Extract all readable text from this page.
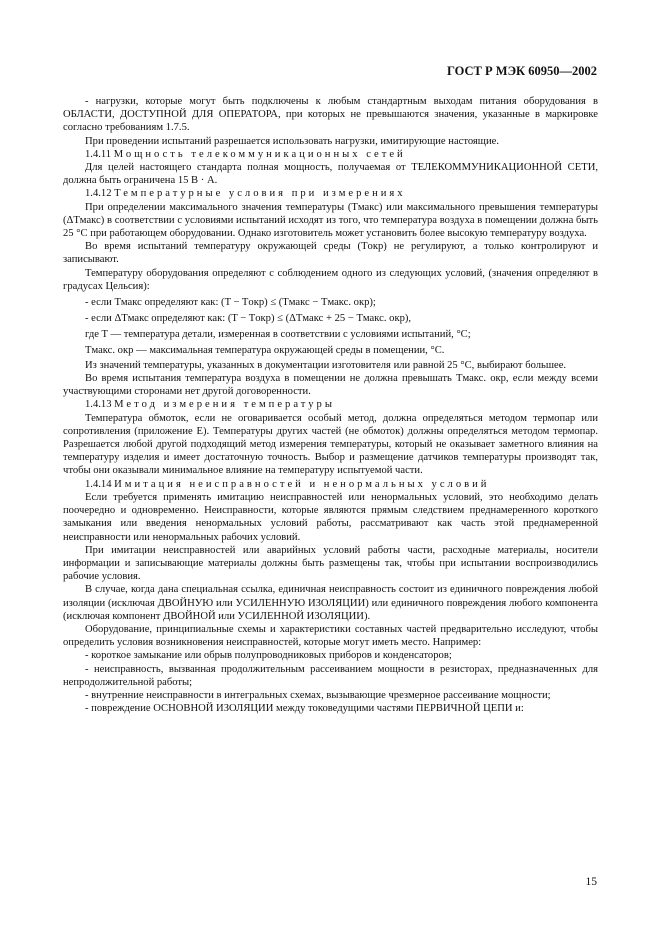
ГОСТ Р МЭК 60950—2002

- нагрузки, которые могут быть подключены к любым стандартным выходам питания оборудования в ОБЛАСТИ, ДОСТУПНОЙ ДЛЯ ОПЕРАТОРА, при которых не превышаются значения, указанные в маркировке согласно требованиям 1.7.5.

При проведении испытаний разрешается использовать нагрузки, имитирующие настоящие.

1.4.11 Мощность телекоммуникационных сетей

Для целей настоящего стандарта полная мощность, получаемая от ТЕЛЕКОММУНИКАЦИОННОЙ СЕТИ, должна быть ограничена 15 В · А.

1.4.12 Температурные условия при измерениях

При определении максимального значения температуры (Tмакс) или максимального превышения температуры (ΔTмакс) в соответствии с условиями испытаний исходят из того, что температура воздуха в помещении должна быть 25 °С при работающем оборудовании. Однако изготовитель может установить более высокую температуру воздуха.

Во время испытаний температуру окружающей среды (Tокр) не регулируют, а только контролируют и записывают.

Температуру оборудования определяют с соблюдением одного из следующих условий, (значения определяют в градусах Цельсия):

- если Tмакс определяют как: (T − Tокр) ≤ (Tмакс − Tмакс. окр);

- если ΔTмакс определяют как: (T − Tокр) ≤ (ΔTмакс + 25 − Tмакс. окр),

где T — температура детали, измеренная в соответствии с условиями испытаний, °С;

Tмакс. окр — максимальная температура окружающей среды в помещении, °С.

Из значений температуры, указанных в документации изготовителя или равной 25 °С, выбирают большее.

Во время испытания температура воздуха в помещении не должна превышать Tмакс. окр, если между всеми участвующими сторонами нет другой договоренности.

1.4.13 Метод измерения температуры

Температура обмоток, если не оговаривается особый метод, должна определяться методом термопар или сопротивления (приложение Е). Температуры других частей (не обмоток) должны определяться методом термопар. Разрешается любой другой подходящий метод измерения температуры, который не оказывает заметного влияния на температуру изделия и имеет достаточную точность. Выбор и размещение датчиков температуры производят так, чтобы они оказывали минимальное влияние на температуру испытуемой части.

1.4.14 Имитация неисправностей и ненормальных условий

Если требуется применять имитацию неисправностей или ненормальных условий, это необходимо делать поочередно и одновременно. Неисправности, которые являются прямым следствием преднамеренного короткого замыкания или введения ненормальных условий работы, рассматривают как часть этой преднамеренной неисправности или ненормальных рабочих условий.

При имитации неисправностей или аварийных условий работы части, расходные материалы, носители информации и записывающие материалы должны быть размещены так, чтобы при испытании воспроизводились рабочие условия.

В случае, когда дана специальная ссылка, единичная неисправность состоит из единичного повреждения любой изоляции (исключая ДВОЙНУЮ или УСИЛЕННУЮ ИЗОЛЯЦИИ) или единичного повреждения любого компонента (исключая компонент ДВОЙНОЙ или УСИЛЕННОЙ ИЗОЛЯЦИИ).

Оборудование, принципиальные схемы и характеристики составных частей предварительно исследуют, чтобы определить условия возникновения неисправностей, которые могут иметь место. Например:

- короткое замыкание или обрыв полупроводниковых приборов и конденсаторов;

- неисправность, вызванная продолжительным рассеиванием мощности в резисторах, предназначенных для непродолжительной работы;

- внутренние неисправности в интегральных схемах, вызывающие чрезмерное рассеивание мощности;

- повреждение ОСНОВНОЙ ИЗОЛЯЦИИ между токоведущими частями ПЕРВИЧНОЙ ЦЕПИ и:

15
